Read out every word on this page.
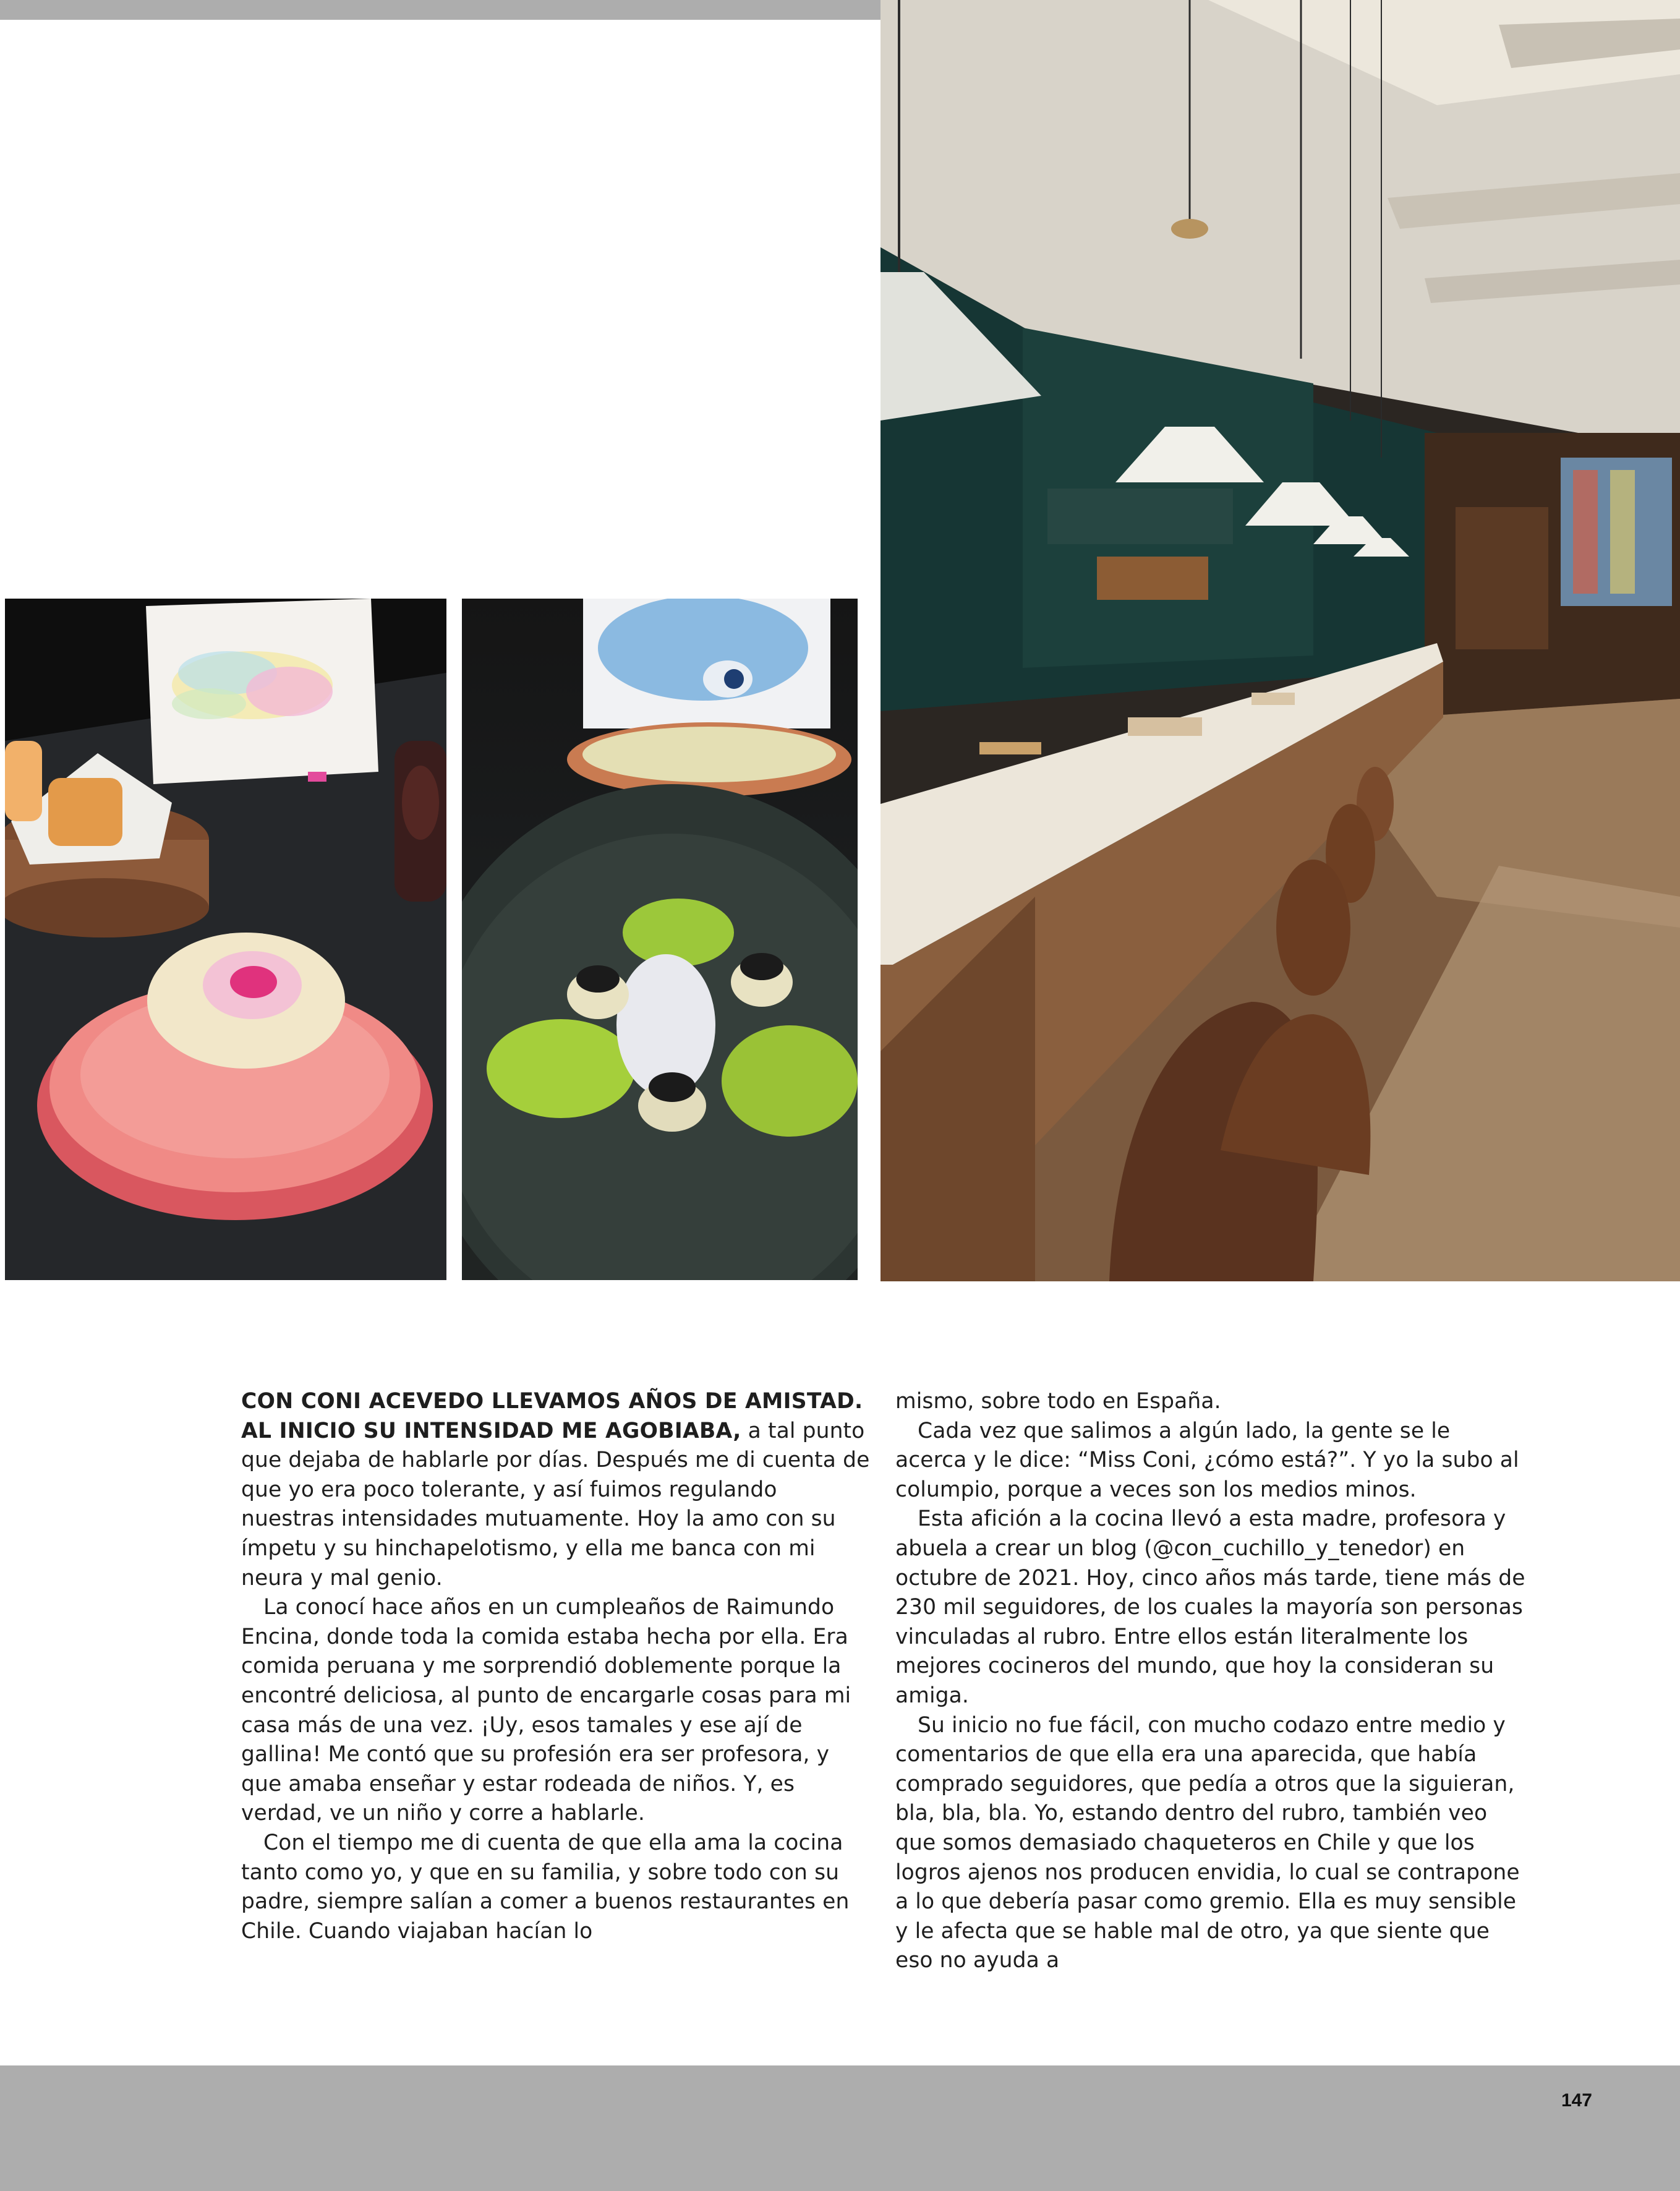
CON CONI ACEVEDO LLEVAMOS AÑOS DE AMISTAD. AL INICIO SU INTENSIDAD ME AGOBIABA, a tal punto que dejaba de hablarle por días. Después me di cuenta de que yo era poco tolerante, y así fuimos regulando nuestras intensidades mutuamente. Hoy la amo con su ímpetu y su hinchapelotismo, y ella me banca con mi neura y mal genio.

La conocí hace años en un cumpleaños de Raimundo Encina, donde toda la comida estaba hecha por ella. Era comida peruana y me sorprendió doblemente porque la encontré deliciosa, al punto de encargarle cosas para mi casa más de una vez. ¡Uy, esos tamales y ese ají de gallina! Me contó que su profesión era ser profesora, y que amaba enseñar y estar rodeada de niños. Y, es verdad, ve un niño y corre a hablarle.

Con el tiempo me di cuenta de que ella ama la cocina tanto como yo, y que en su familia, y sobre todo con su padre, siempre salían a comer a buenos restaurantes en Chile. Cuando viajaban hacían lo

mismo, sobre todo en España.

Cada vez que salimos a algún lado, la gente se le acerca y le dice: “Miss Coni, ¿cómo está?”. Y yo la subo al columpio, porque a veces son los medios minos.

Esta afición a la cocina llevó a esta madre, profesora y abuela a crear un blog (@con_cuchillo_y_tenedor) en octubre de 2021. Hoy, cinco años más tarde, tiene más de 230 mil seguidores, de los cuales la mayoría son personas vinculadas al rubro. Entre ellos están literalmente los mejores cocineros del mundo, que hoy la consideran su amiga.

Su inicio no fue fácil, con mucho codazo entre medio y comentarios de que ella era una aparecida, que había comprado seguidores, que pedía a otros que la siguieran, bla, bla, bla. Yo, estando dentro del rubro, también veo que somos demasiado chaqueteros en Chile y que los logros ajenos nos producen envidia, lo cual se contrapone a lo que debería pasar como gremio. Ella es muy sensible y le afecta que se hable mal de otro, ya que siente que eso no ayuda a

147
